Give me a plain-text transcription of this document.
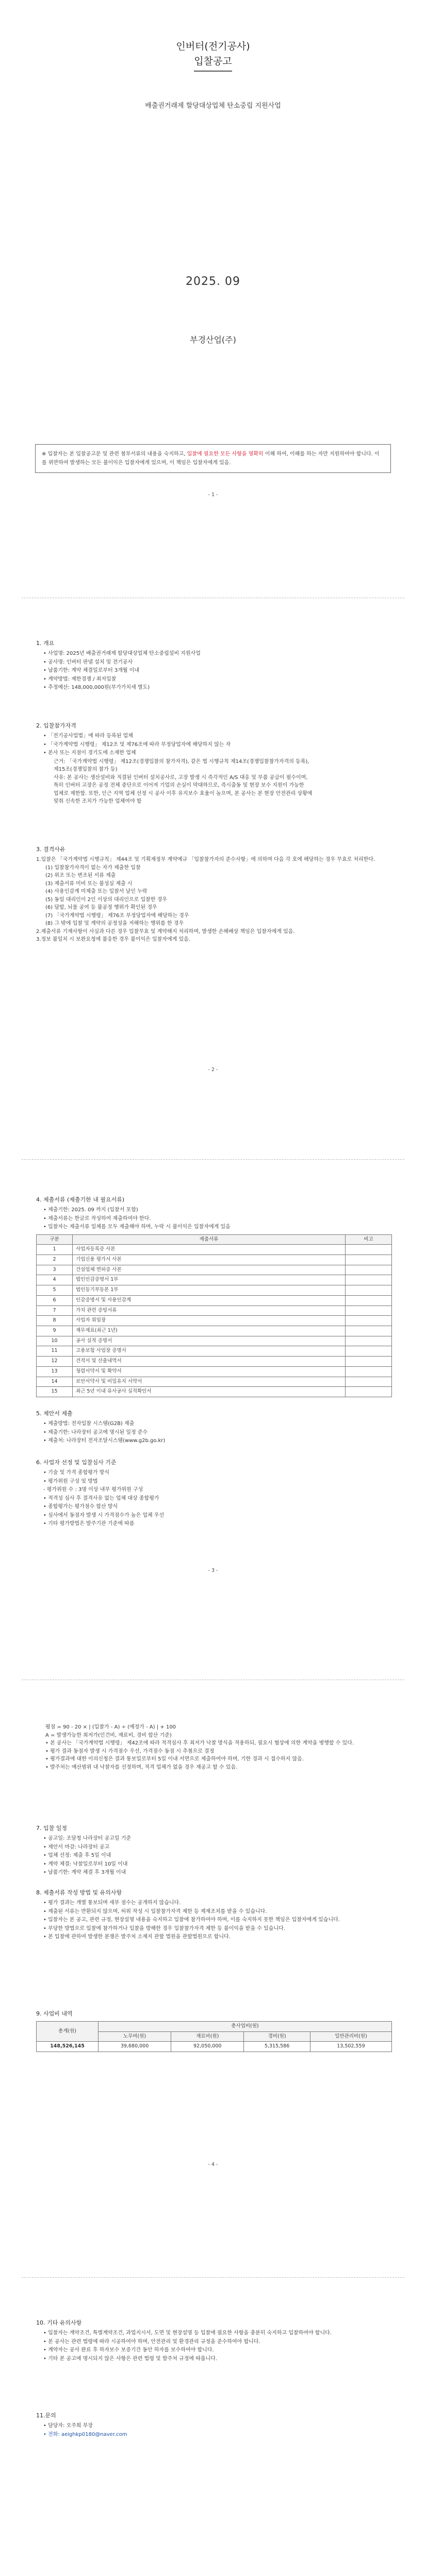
인버터(전기공사)
입찰공고
배출권거래제 할당대상업체 탄소중립 지원사업
2025. 09
부경산업(주)
※ 입찰자는 본 입찰공고문 및 관련 첨부서류의 내용을 숙지하고, 입찰에 필요한 모든 사항을 명확히 이해 하여, 이해를 하는 자만 지원하여야 합니다. 이를 위반하여 발생하는 모든 불이익은 입찰자에게 있으며, 이 책임은 입찰자에게 있음.
- 1 -
1. 개요
• 사업명: 2025년 배출권거래제 할당대상업체 탄소중립설비 지원사업
• 공사명: 인버터 판넬 설치 및 전기공사
• 납품기한: 계약 체결일로부터 3개월 이내
• 계약방법: 제한경쟁 / 최저입찰
• 추정예산: 148,000,000원(부가가치세 별도)
2. 입찰참가자격
• 「전기공사업법」에 따라 등록된 업체
• 「국가계약법 시행령」 제12조 및 제76조에 따라 부정당업자에 해당하지 않는 자
• 본사 또는 지점이 경기도에 소재한 업체
근거: 「국가계약법 시행령」 제12조(경쟁입찰의 참가자격), 같은 법 시행규칙 제14조(경쟁입찰참가자격의 등록),
제15조(경쟁입찰의 참가 등)
사유: 본 공사는 생산설비와 직결된 인버터 설치공사로, 고장 발생 시 즉각적인 A/S 대응 및 부품 공급이 필수이며,
특히 인버터 고장은 공정 전체 중단으로 이어져 기업의 손실이 막대하므로, 즉시출동 및 현장 보수 지원이 가능한
업체로 제한함. 또한, 인근 지역 업체 선정 시 공사 이후 유지보수 효율이 높으며, 본 공사는 본 현장 안전관리 상황에
맞춰 신속한 조치가 가능한 업체여야 함
3. 결격사유
1.입찰은 「국가계약법 시행규칙」 제44조 및 기획재정부 계약예규 「입찰참가자의 준수사항」에 의하며 다음 각 호에 해당하는 경우 무효로 처리한다.
(1) 입찰참가자격이 없는 자가 제출한 입찰
(2) 위조 또는 변조된 서류 제출
(3) 제출서류 미비 또는 불성실 제출 시
(4) 사용인감계 미제출 또는 입찰서 날인 누락
(5) 동일 대리인이 2인 이상의 대리인으로 입찰한 경우
(6) 담합, 뇌물 공여 등 불공정 행위가 확인된 경우
(7) 「국가계약법 시행령」 제76조 부정당업자에 해당하는 경우
(8) 그 밖에 입찰 및 계약의 공정성을 저해하는 행위를 한 경우
2.제출서류 기재사항이 사실과 다른 경우 입찰무효 및 계약해지 처리하며, 발생한 손해배상 책임은 입찰자에게 있음.
3.정보 불일치 시 보완요청에 불응한 경우 불이익은 입찰자에게 있음.
- 2 -
4. 제출서류 (제출기한 내 필요서류)
• 제출기한: 2025. 09 까지 (입찰서 포함)
• 제출서류는 한글로 작성하여 제출하여야 한다.
• 입찰자는 제출서류 일체를 모두 제출해야 하며, 누락 시 불이익은 입찰자에게 있음
구분	제출서류	비고
1	사업자등록증 사본	
2	기업신용 평가서 사본	
3	건설업체 면허증 사본	
4	법인인감증명서 1부	
5	법인등기부등본 1부	
6	인감증명서 및 사용인감계	
7	가치 관련 증빙서류	
8	사업자 위임장	
9	재무제표(최근 1년)	
10	공사 실적 증명서	
11	고용보험 사업장 증명서	
12	견적서 및 산출내역서	
13	청렴서약서 및 확약서	
14	보안서약서 및 비밀유지 서약서	
15	최근 5년 이내 유사공사 실적확인서	
5. 제안서 제출
• 제출방법: 전자입찰 시스템(G2B) 제출
• 제출기한: 나라장터 공고에 명시된 일정 준수
• 제출처: 나라장터 전자조달시스템(www.g2b.go.kr)
6. 사업자 선정 및 입찰심사 기준
• 기술 및 가격 종합평가 방식
• 평가위원 구성 및 방법
- 평가위원 수 : 3명 이상 내부 평가위원 구성
• 적격성 심사 후 결격사유 없는 업체 대상 종합평가
• 종합평가는 평가점수 합산 방식
• 심사에서 동점자 발생 시 가격점수가 높은 업체 우선
• 기타 평가방법은 발주기관 기준에 따름
- 3 -
평점 = 90 - 20 × | (입찰가 - A) ÷ (예정가 - A) | + 100
A = 발생가능한 최저가(인건비, 재료비, 경비 합산 기준)
• 본 공사는 「국가계약법 시행령」 제42조에 따라 적격심사 후 최저가 낙찰 방식을 적용하되, 필요시 협상에 의한 계약을 병행할 수 있다.
• 평가 결과 동점자 발생 시 가격점수 우선, 가격점수 동점 시 추첨으로 결정
• 평가결과에 대한 이의신청은 결과 통보일로부터 5일 이내 서면으로 제출하여야 하며, 기한 경과 시 접수하지 않음.
• 발주처는 예산범위 내 낙찰자를 선정하며, 적격 업체가 없을 경우 재공고 할 수 있음.
7. 입찰 일정
• 공고일: 조달청 나라장터 공고일 기준
• 제안서 마감: 나라장터 공고
• 업체 선정: 제출 후 5일 이내
• 계약 체결: 낙찰일로부터 10일 이내
• 납품기한: 계약 체결 후 3개월 이내
8. 제출서류 작성 방법 및 유의사항
• 평가 결과는 개별 통보되며 세부 점수는 공개하지 않습니다.
• 제출된 서류는 반환되지 않으며, 허위 작성 시 입찰참가자격 제한 등 제재조치를 받을 수 있습니다.
• 입찰자는 본 공고, 관련 규정, 현장설명 내용을 숙지하고 입찰에 참가하여야 하며, 이를 숙지하지 못한 책임은 입찰자에게 있습니다.
• 부당한 방법으로 입찰에 참가하거나 입찰을 방해한 경우 입찰참가자격 제한 등 불이익을 받을 수 있습니다.
• 본 입찰에 관하여 발생한 분쟁은 발주처 소재지 관할 법원을 관할법원으로 합니다.
9. 사업비 내역
총계(원)	총사업비(원)			
	노무비(원)	재료비(원)	경비(원)	일반관리비(원)
148,526,145	39,680,000	92,050,000	5,315,586	13,502,559
- 4 -
10. 기타 유의사항
• 입찰자는 계약조건, 특별계약조건, 과업지시서, 도면 및 현장설명 등 입찰에 필요한 사항을 충분히 숙지하고 입찰하여야 합니다.
• 본 공사는 관련 법령에 따라 시공하여야 하며, 안전관리 및 환경관리 규정을 준수하여야 합니다.
• 계약자는 공사 완료 후 하자보수 보증기간 동안 하자를 보수하여야 합니다.
• 기타 본 공고에 명시되지 않은 사항은 관련 법령 및 발주처 규정에 따릅니다.
11.문의
• 담당자: 오주희 부장
• 전화: aeighkp0180@naver.com
